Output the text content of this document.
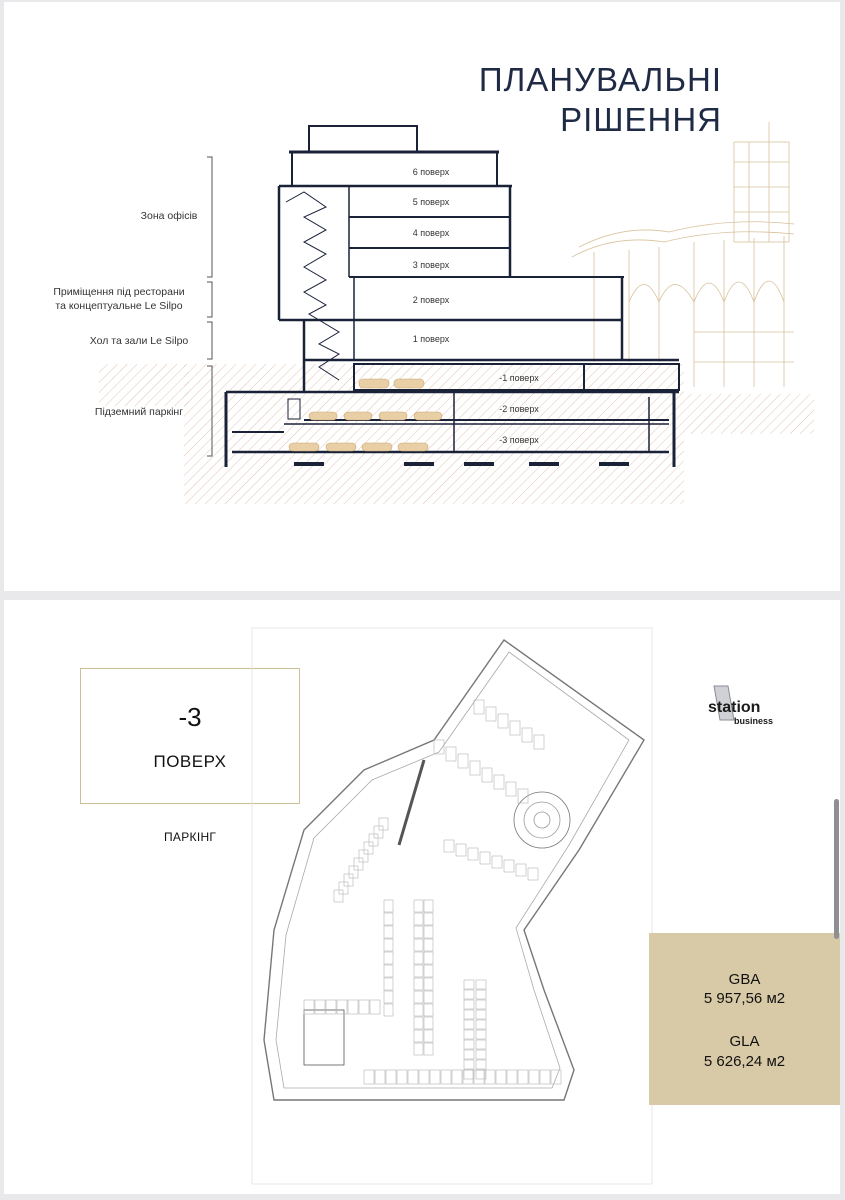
ПЛАНУВАЛЬНІ
РІШЕННЯ
Зона офісів
Приміщення під ресторани
та концептуальне Le Silpo
Хол та зали Le Silpo
Підземний паркінг
6 поверх
5 поверх
4 поверх
3 поверх
2 поверх
1 поверх
-1 поверх
-2 поверх
-3 поверх
-3
ПОВЕРХ
ПАРКІНГ
station
business
GBA
5 957,56 м2
GLA
5 626,24 м2
